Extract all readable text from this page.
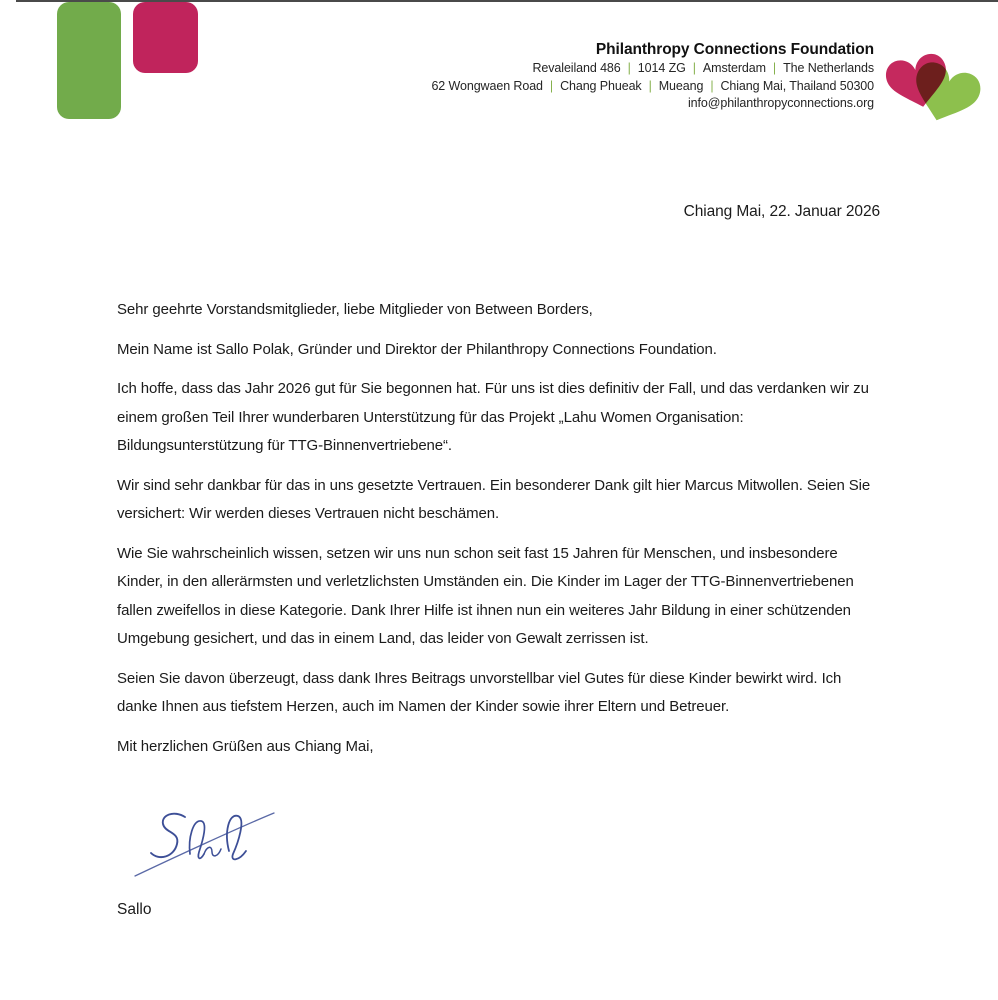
Philanthropy Connections Foundation
Revaleiland 486 | 1014 ZG | Amsterdam | The Netherlands
62 Wongwaen Road | Chang Phueak | Mueang | Chiang Mai, Thailand 50300
info@philanthropyconnections.org
Chiang Mai, 22. Januar 2026

Sehr geehrte Vorstandsmitglieder, liebe Mitglieder von Between Borders,

Mein Name ist Sallo Polak, Gründer und Direktor der Philanthropy Connections Foundation.

Ich hoffe, dass das Jahr 2026 gut für Sie begonnen hat. Für uns ist dies definitiv der Fall, und das verdanken wir zu einem großen Teil Ihrer wunderbaren Unterstützung für das Projekt „Lahu Women Organisation: Bildungsunterstützung für TTG-Binnenvertriebene“.

Wir sind sehr dankbar für das in uns gesetzte Vertrauen. Ein besonderer Dank gilt hier Marcus Mitwollen. Seien Sie versichert: Wir werden dieses Vertrauen nicht beschämen.

Wie Sie wahrscheinlich wissen, setzen wir uns nun schon seit fast 15 Jahren für Menschen, und insbesondere Kinder, in den allerärmsten und verletzlichsten Umständen ein. Die Kinder im Lager der TTG-Binnenvertriebenen fallen zweifellos in diese Kategorie. Dank Ihrer Hilfe ist ihnen nun ein weiteres Jahr Bildung in einer schützenden Umgebung gesichert, und das in einem Land, das leider von Gewalt zerrissen ist.

Seien Sie davon überzeugt, dass dank Ihres Beitrags unvorstellbar viel Gutes für diese Kinder bewirkt wird. Ich danke Ihnen aus tiefstem Herzen, auch im Namen der Kinder sowie ihrer Eltern und Betreuer.

Mit herzlichen Grüßen aus Chiang Mai,

Sallo
